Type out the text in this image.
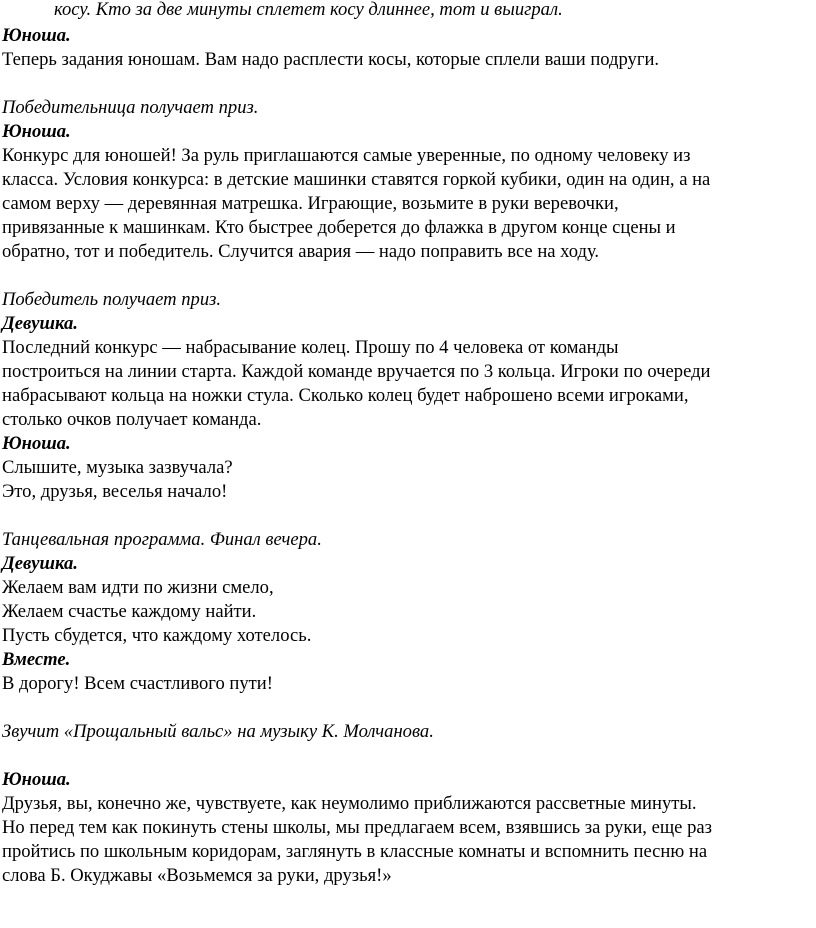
косу. Кто за две минуты сплетет косу длиннее, тот и выиграл.
Юноша.
Теперь задания юношам. Вам надо расплести косы, которые сплели ваши подруги.
Победительница получает приз.
Юноша.
Конкурс для юношей! За руль приглашаются самые уверенные, по одному человеку из
класса. Условия конкурса: в детские машинки ставятся горкой кубики, один на один, а на
самом верху — деревянная матрешка. Играющие, возьмите в руки веревочки,
привязанные к машинкам. Кто быстрее доберется до флажка в другом конце сцены и
обратно, тот и победитель. Случится авария — надо поправить все на ходу.
Победитель получает приз.
Девушка.
Последний конкурс — набрасывание колец. Прошу по 4 человека от команды
построиться на линии старта. Каждой команде вручается по 3 кольца. Игроки по очереди
набрасывают кольца на ножки стула. Сколько колец будет наброшено всеми игроками,
столько очков получает команда.
Юноша.
Слышите, музыка зазвучала?
Это, друзья, веселья начало!
Танцевальная программа. Финал вечера.
Девушка.
Желаем вам идти по жизни смело,
Желаем счастье каждому найти.
Пусть сбудется, что каждому хотелось.
Вместе.
В дорогу! Всем счастливого пути!
Звучит «Прощальный вальс» на музыку К. Молчанова.
Юноша.
Друзья, вы, конечно же, чувствуете, как неумолимо приближаются рассветные минуты.
Но перед тем как покинуть стены школы, мы предлагаем всем, взявшись за руки, еще раз
пройтись по школьным коридорам, заглянуть в классные комнаты и вспомнить песню на
слова Б. Окуджавы «Возьмемся за руки, друзья!»
